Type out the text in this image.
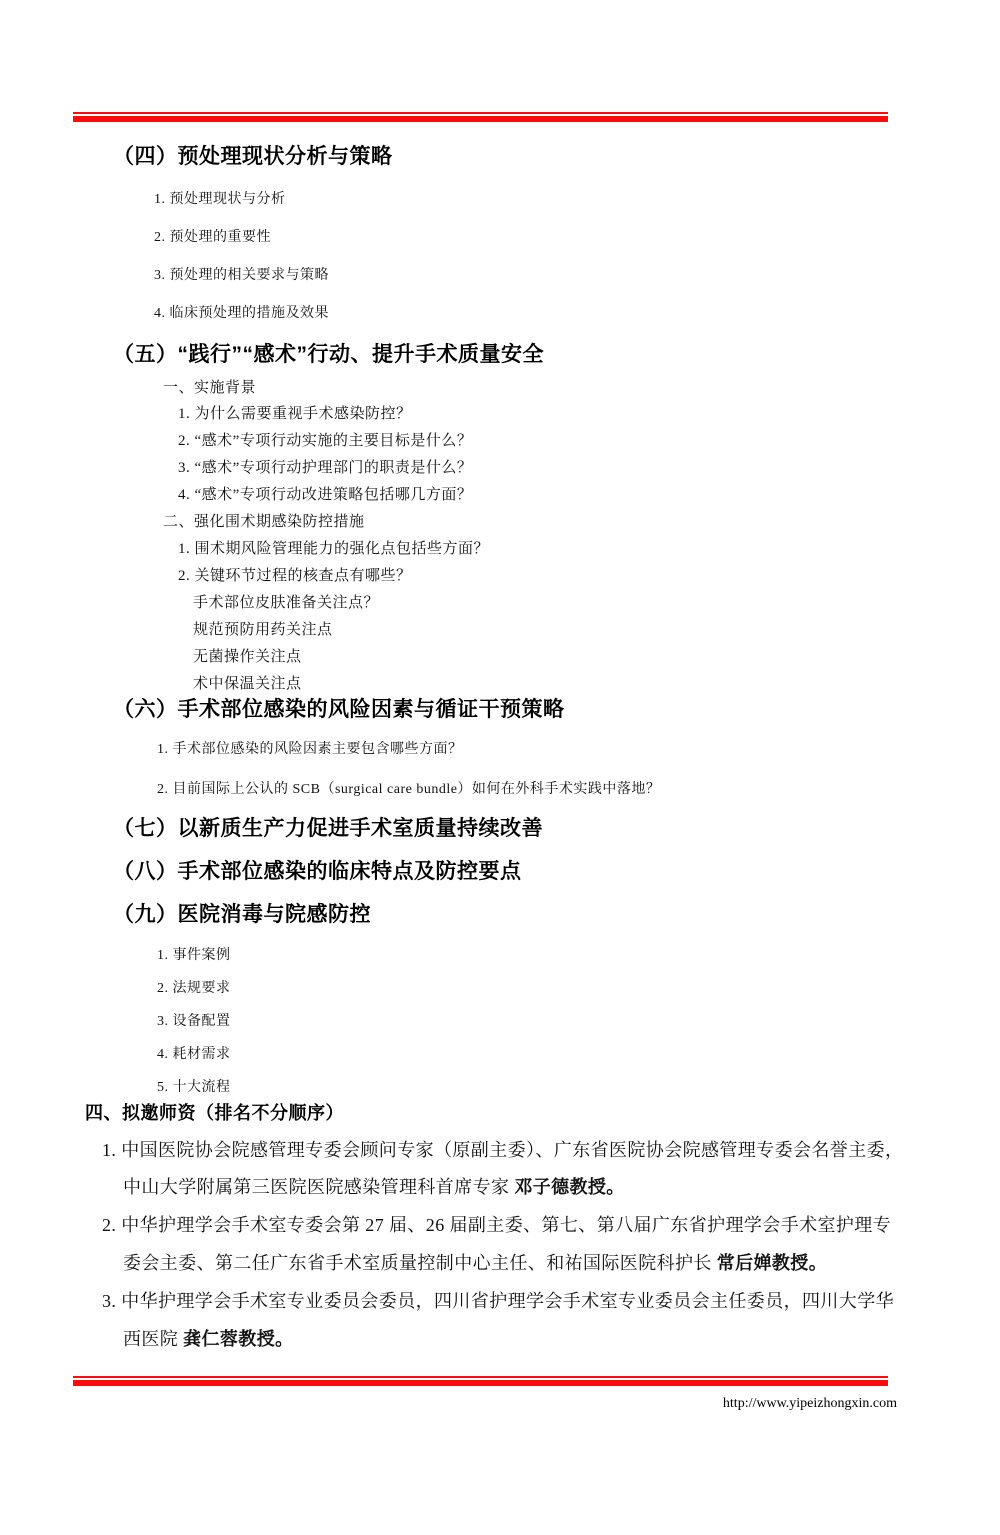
（四）预处理现状分析与策略
1. 预处理现状与分析
2. 预处理的重要性
3. 预处理的相关要求与策略
4. 临床预处理的措施及效果
（五）“践行”“感术”行动、提升手术质量安全
一、实施背景
1. 为什么需要重视手术感染防控？
2. “感术”专项行动实施的主要目标是什么？
3. “感术”专项行动护理部门的职责是什么？
4. “感术”专项行动改进策略包括哪几方面？
二、强化围术期感染防控措施
1. 围术期风险管理能力的强化点包括些方面？
2. 关键环节过程的核查点有哪些？
手术部位皮肤准备关注点？
规范预防用药关注点
无菌操作关注点
术中保温关注点
（六）手术部位感染的风险因素与循证干预策略
1. 手术部位感染的风险因素主要包含哪些方面？
2. 目前国际上公认的 SCB（surgical care bundle）如何在外科手术实践中落地？
（七）以新质生产力促进手术室质量持续改善
（八）手术部位感染的临床特点及防控要点
（九）医院消毒与院感防控
1. 事件案例
2. 法规要求
3. 设备配置
4. 耗材需求
5. 十大流程
四、拟邀师资（排名不分顺序）
1. 中国医院协会院感管理专委会顾问专家（原副主委）、广东省医院协会院感管理专委会名誉主委，
中山大学附属第三医院医院感染管理科首席专家 邓子德教授。
2. 中华护理学会手术室专委会第 27 届、26 届副主委、第七、第八届广东省护理学会手术室护理专
委会主委、第二任广东省手术室质量控制中心主任、和祐国际医院科护长 常后婵教授。
3. 中华护理学会手术室专业委员会委员，四川省护理学会手术室专业委员会主任委员，四川大学华
西医院 龚仁蓉教授。
http://www.yipeizhongxin.com
